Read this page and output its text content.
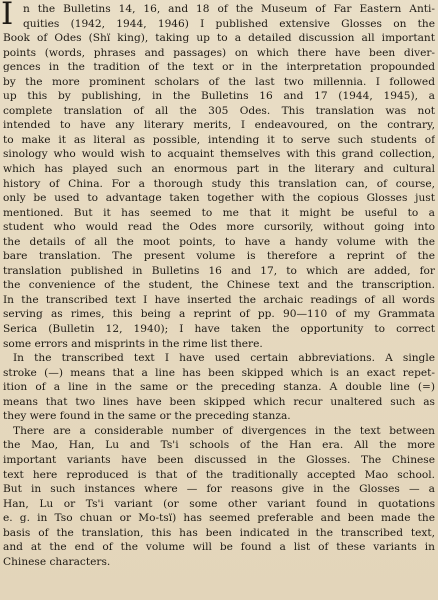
I n the Bulletins 14, 16, and 18 of the Museum of Far Eastern Anti-
quities (1942, 1944, 1946) I published extensive Glosses on the
Book of Odes (Shï king), taking up to a detailed discussion all important
points (words, phrases and passages) on which there have been diver-
gences in the tradition of the text or in the interpretation propounded
by the more prominent scholars of the last two millennia. I followed
up this by publishing, in the Bulletins 16 and 17 (1944, 1945), a
complete translation of all the 305 Odes. This translation was not
intended to have any literary merits, I endeavoured, on the contrary,
to make it as literal as possible, intending it to serve such students of
sinology who would wish to acquaint themselves with this grand collection,
which has played such an enormous part in the literary and cultural
history of China. For a thorough study this translation can, of course,
only be used to advantage taken together with the copious Glosses just
mentioned. But it has seemed to me that it might be useful to a
student who would read the Odes more cursorily, without going into
the details of all the moot points, to have a handy volume with the
bare translation. The present volume is therefore a reprint of the
translation published in Bulletins 16 and 17, to which are added, for
the convenience of the student, the Chinese text and the transcription.
In the transcribed text I have inserted the archaic readings of all words
serving as rimes, this being a reprint of pp. 90—110 of my Grammata
Serica (Bulletin 12, 1940); I have taken the opportunity to correct
some errors and misprints in the rime list there.
In the transcribed text I have used certain abbreviations. A single
stroke (—) means that a line has been skipped which is an exact repet-
ition of a line in the same or the preceding stanza. A double line (=)
means that two lines have been skipped which recur unaltered such as
they were found in the same or the preceding stanza.
There are a considerable number of divergences in the text between
the Mao, Han, Lu and Ts'i schools of the Han era. All the more
important variants have been discussed in the Glosses. The Chinese
text here reproduced is that of the traditionally accepted Mao school.
But in such instances where — for reasons give in the Glosses — a
Han, Lu or Ts'i variant (or some other variant found in quotations
e. g. in Tso chuan or Mo-tsï) has seemed preferable and been made the
basis of the translation, this has been indicated in the transcribed text,
and at the end of the volume will be found a list of these variants in
Chinese characters.
